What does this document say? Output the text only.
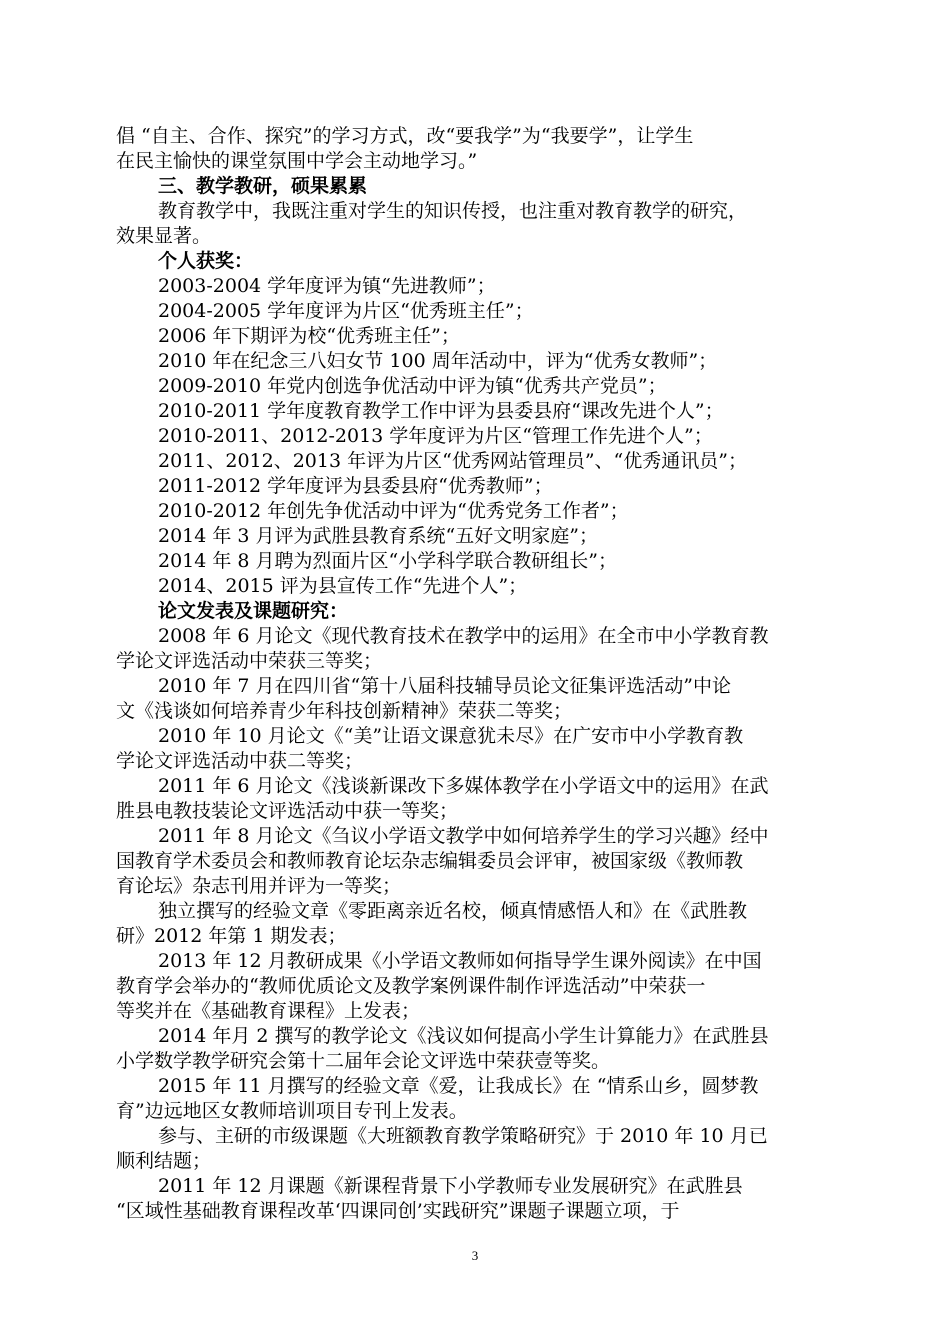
倡 “自主、合作、探究”的学习方式，改“要我学”为“我要学”，让学生
在民主愉快的课堂氛围中学会主动地学习。”
三、教学教研，硕果累累
教育教学中，我既注重对学生的知识传授，也注重对教育教学的研究，
效果显著。
个人获奖：
2003-2004 学年度评为镇“先进教师”；
2004-2005 学年度评为片区“优秀班主任”；
2006 年下期评为校“优秀班主任”；
2010 年在纪念三八妇女节 100 周年活动中，评为“优秀女教师”；
2009-2010 年党内创选争优活动中评为镇“优秀共产党员”；
2010-2011 学年度教育教学工作中评为县委县府“课改先进个人”；
2010-2011、2012-2013 学年度评为片区“管理工作先进个人”；
2011、2012、2013 年评为片区“优秀网站管理员”、“优秀通讯员”；
2011-2012 学年度评为县委县府“优秀教师”；
2010-2012 年创先争优活动中评为“优秀党务工作者”；
2014 年 3 月评为武胜县教育系统“五好文明家庭”；
2014 年 8 月聘为烈面片区“小学科学联合教研组长”；
2014、2015 评为县宣传工作“先进个人”；
论文发表及课题研究：
2008 年 6 月论文《现代教育技术在教学中的运用》在全市中小学教育教
学论文评选活动中荣获三等奖；
2010 年 7 月在四川省“第十八届科技辅导员论文征集评选活动”中论
文《浅谈如何培养青少年科技创新精神》荣获二等奖；
2010 年 10 月论文《“美”让语文课意犹未尽》在广安市中小学教育教
学论文评选活动中获二等奖；
2011 年 6 月论文《浅谈新课改下多媒体教学在小学语文中的运用》在武
胜县电教技装论文评选活动中获一等奖；
2011 年 8 月论文《刍议小学语文教学中如何培养学生的学习兴趣》经中
国教育学术委员会和教师教育论坛杂志编辑委员会评审，被国家级《教师教
育论坛》杂志刊用并评为一等奖；
独立撰写的经验文章《零距离亲近名校，倾真情感悟人和》在《武胜教
研》2012 年第 1 期发表；
2013 年 12 月教研成果《小学语文教师如何指导学生课外阅读》在中国
教育学会举办的“教师优质论文及教学案例课件制作评选活动”中荣获一
等奖并在《基础教育课程》上发表；
2014 年月 2 撰写的教学论文《浅议如何提高小学生计算能力》在武胜县
小学数学教学研究会第十二届年会论文评选中荣获壹等奖。
2015 年 11 月撰写的经验文章《爱，让我成长》在 “情系山乡，圆梦教
育”边远地区女教师培训项目专刊上发表。
参与、主研的市级课题《大班额教育教学策略研究》于 2010 年 10 月已
顺利结题；
2011 年 12 月课题《新课程背景下小学教师专业发展研究》在武胜县
“区域性基础教育课程改革‘四课同创’实践研究”课题子课题立项，于
3
